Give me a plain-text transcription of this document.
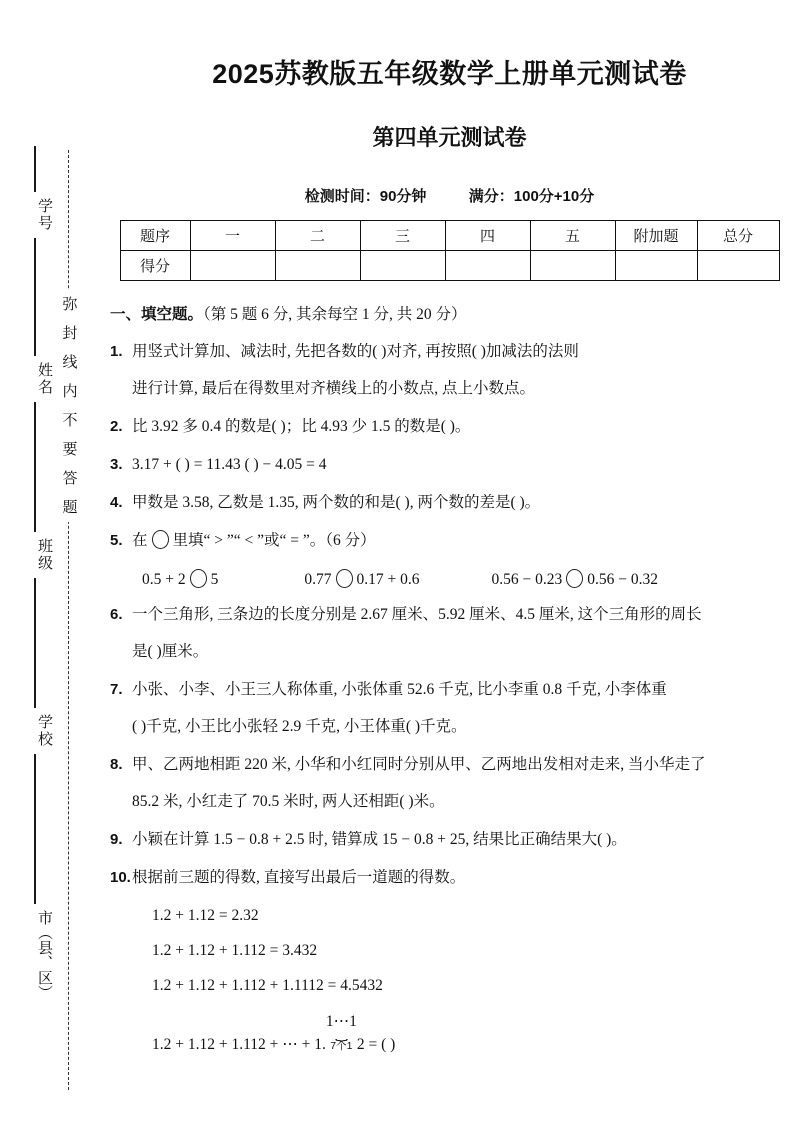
学号
姓名
班级
学校
市（县、区）
弥
封
线
内
不
要
答
题
2025苏教版五年级数学上册单元测试卷
第四单元测试卷
检测时间：90分钟	满分：100分+10分
题序	一	二	三	四	五	附加题	总分
得分							
一、填空题。（第 5 题 6 分, 其余每空 1 分, 共 20 分）
1. 用竖式计算加、减法时, 先把各数的( )对齐, 再按照( )加减法的法则
进行计算, 最后在得数里对齐横线上的小数点, 点上小数点。
2. 比 3.92 多 0.4 的数是( )；比 4.93 少 1.5 的数是( )。
3. 3.17 + ( ) = 11.43 ( ) − 4.05 = 4
4. 甲数是 3.58, 乙数是 1.35, 两个数的和是( ), 两个数的差是( )。
5. 在 里填“ > ”“ < ”或“ = ”。（6 分）
0.5 + 2 5	0.77 0.17 + 0.6	0.56 − 0.23 0.56 − 0.32
6. 一个三角形, 三条边的长度分别是 2.67 厘米、5.92 厘米、4.5 厘米, 这个三角形的周长
是( )厘米。
7. 小张、小李、小王三人称体重, 小张体重 52.6 千克, 比小李重 0.8 千克, 小李体重
( )千克, 小王比小张轻 2.9 千克, 小王体重( )千克。
8. 甲、乙两地相距 220 米, 小华和小红同时分别从甲、乙两地出发相对走来, 当小华走了
85.2 米, 小红走了 70.5 米时, 两人还相距( )米。
9. 小颖在计算 1.5 − 0.8 + 2.5 时, 错算成 15 − 0.8 + 25, 结果比正确结果大( )。
10. 根据前三题的得数, 直接写出最后一道题的得数。
1.2 + 1.12 = 2.32
1.2 + 1.12 + 1.112 = 3.432
1.2 + 1.12 + 1.112 + 1.1112 = 4.5432
1.2 + 1.12 + 1.112 + ⋯ + 1.1⋯1
⏟
7个1 2 = ( )
